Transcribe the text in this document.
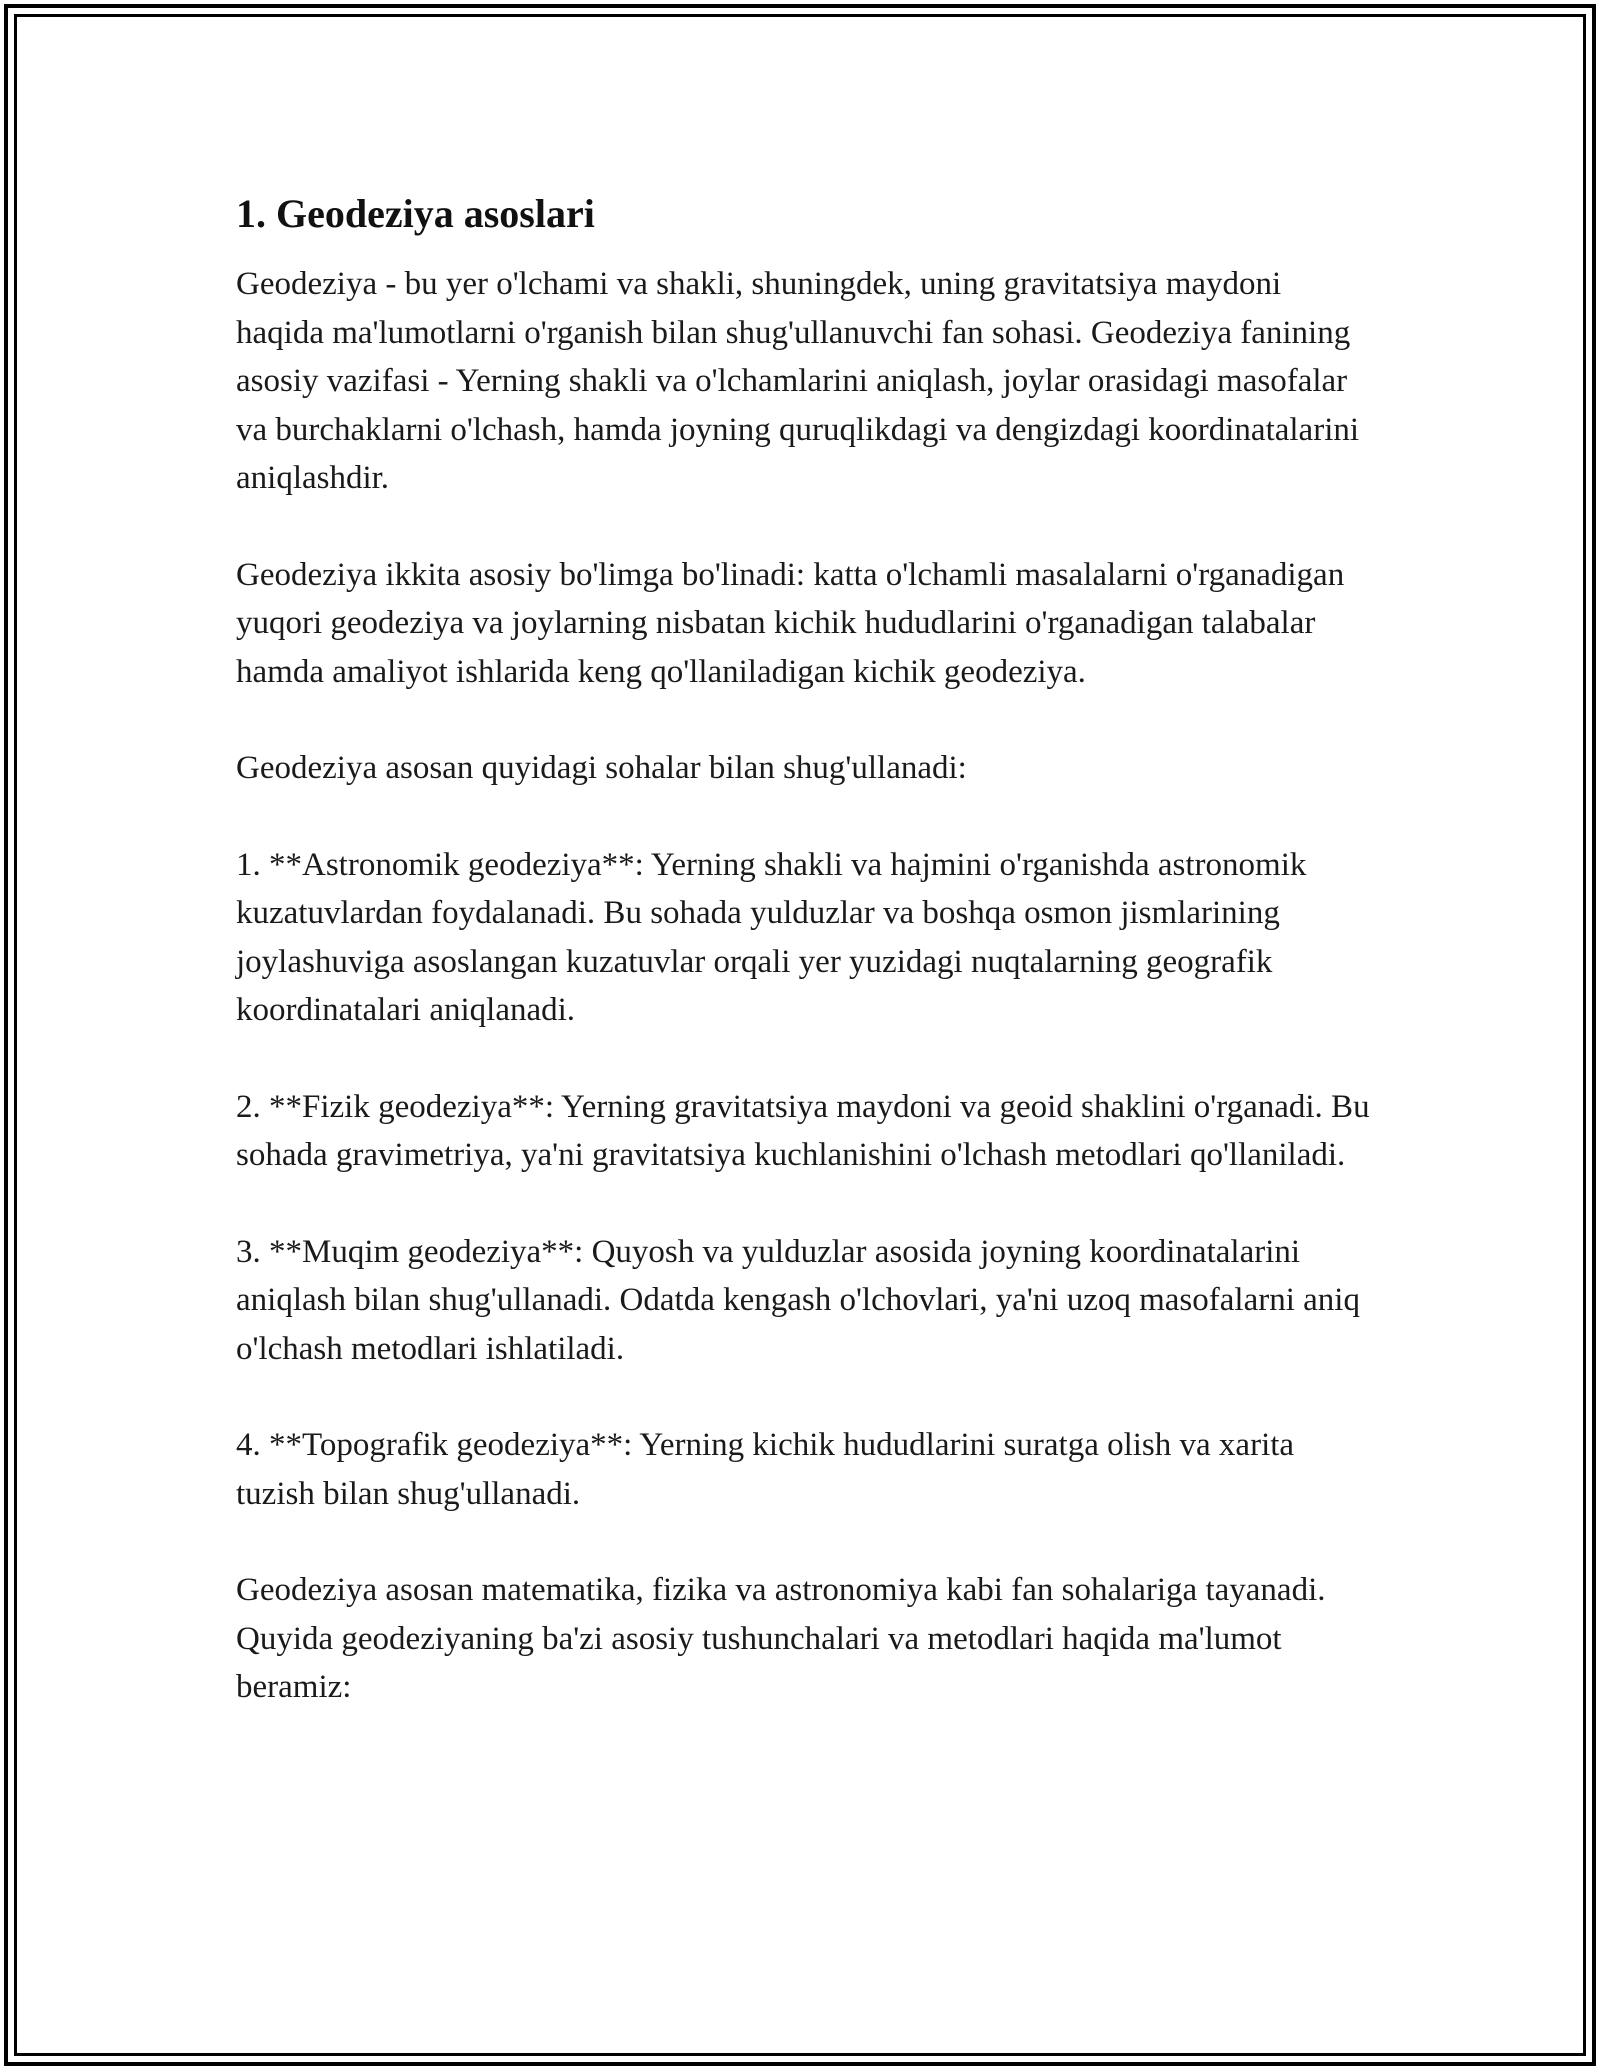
1. Geodeziya asoslari

Geodeziya - bu yer o'lchami va shakli, shuningdek, uning gravitatsiya maydoni haqida ma'lumotlarni o'rganish bilan shug'ullanuvchi fan sohasi. Geodeziya fanining asosiy vazifasi - Yerning shakli va o'lchamlarini aniqlash, joylar orasidagi masofalar va burchaklarni o'lchash, hamda joyning quruqlikdagi va dengizdagi koordinatalarini aniqlashdir.

Geodeziya ikkita asosiy bo'limga bo'linadi: katta o'lchamli masalalarni o'rganadigan yuqori geodeziya va joylarning nisbatan kichik hududlarini o'rganadigan talabalar hamda amaliyot ishlarida keng qo'llaniladigan kichik geodeziya.

Geodeziya asosan quyidagi sohalar bilan shug'ullanadi:

1. **Astronomik geodeziya**: Yerning shakli va hajmini o'rganishda astronomik kuzatuvlardan foydalanadi. Bu sohada yulduzlar va boshqa osmon jismlarining joylashuviga asoslangan kuzatuvlar orqali yer yuzidagi nuqtalarning geografik koordinatalari aniqlanadi.

2. **Fizik geodeziya**: Yerning gravitatsiya maydoni va geoid shaklini o'rganadi. Bu sohada gravimetriya, ya'ni gravitatsiya kuchlanishini o'lchash metodlari qo'llaniladi.

3. **Muqim geodeziya**: Quyosh va yulduzlar asosida joyning koordinatalarini aniqlash bilan shug'ullanadi. Odatda kengash o'lchovlari, ya'ni uzoq masofalarni aniq o'lchash metodlari ishlatiladi.

4. **Topografik geodeziya**: Yerning kichik hududlarini suratga olish va xarita tuzish bilan shug'ullanadi.

Geodeziya asosan matematika, fizika va astronomiya kabi fan sohalariga tayanadi. Quyida geodeziyaning ba'zi asosiy tushunchalari va metodlari haqida ma'lumot beramiz:
